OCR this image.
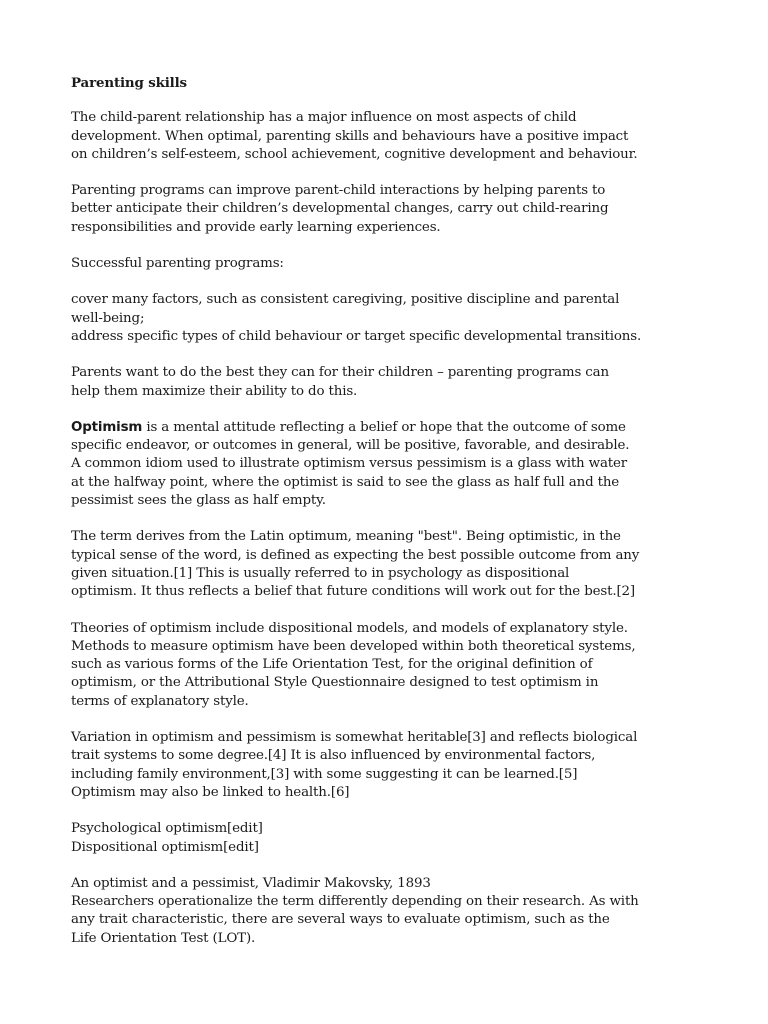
Parenting skills

The child-parent relationship has a major influence on most aspects of child
development. When optimal, parenting skills and behaviours have a positive impact
on children’s self-esteem, school achievement, cognitive development and behaviour.

Parenting programs can improve parent-child interactions by helping parents to
better anticipate their children’s developmental changes, carry out child-rearing
responsibilities and provide early learning experiences.

Successful parenting programs:

cover many factors, such as consistent caregiving, positive discipline and parental
well-being;
address specific types of child behaviour or target specific developmental transitions.

Parents want to do the best they can for their children – parenting programs can
help them maximize their ability to do this.

Optimism is a mental attitude reflecting a belief or hope that the outcome of some
specific endeavor, or outcomes in general, will be positive, favorable, and desirable.
A common idiom used to illustrate optimism versus pessimism is a glass with water
at the halfway point, where the optimist is said to see the glass as half full and the
pessimist sees the glass as half empty.

The term derives from the Latin optimum, meaning "best". Being optimistic, in the
typical sense of the word, is defined as expecting the best possible outcome from any
given situation.[1] This is usually referred to in psychology as dispositional
optimism. It thus reflects a belief that future conditions will work out for the best.[2]

Theories of optimism include dispositional models, and models of explanatory style.
Methods to measure optimism have been developed within both theoretical systems,
such as various forms of the Life Orientation Test, for the original definition of
optimism, or the Attributional Style Questionnaire designed to test optimism in
terms of explanatory style.

Variation in optimism and pessimism is somewhat heritable[3] and reflects biological
trait systems to some degree.[4] It is also influenced by environmental factors,
including family environment,[3] with some suggesting it can be learned.[5]
Optimism may also be linked to health.[6]

Psychological optimism[edit]
Dispositional optimism[edit]

An optimist and a pessimist, Vladimir Makovsky, 1893
Researchers operationalize the term differently depending on their research. As with
any trait characteristic, there are several ways to evaluate optimism, such as the
Life Orientation Test (LOT).
